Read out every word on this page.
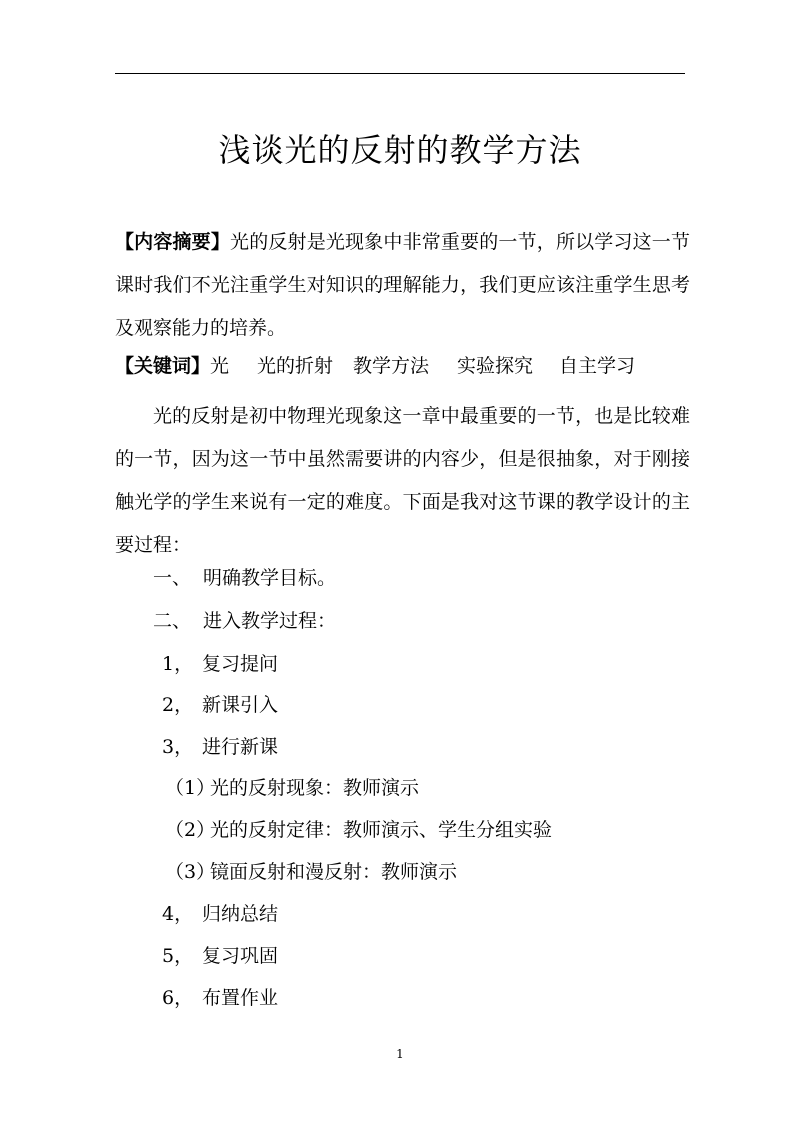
浅谈光的反射的教学方法

【内容摘要】光的反射是光现象中非常重要的一节，所以学习这一节课时我们不光注重学生对知识的理解能力，我们更应该注重学生思考及观察能力的培养。

【关键词】光 光的折射 教学方法 实验探究 自主学习

光的反射是初中物理光现象这一章中最重要的一节，也是比较难的一节，因为这一节中虽然需要讲的内容少，但是很抽象，对于刚接触光学的学生来说有一定的难度。下面是我对这节课的教学设计的主要过程：

一、 明确教学目标。
二、 进入教学过程：
1， 复习提问
2， 新课引入
3， 进行新课
（1）光的反射现象：教师演示
（2）光的反射定律：教师演示、学生分组实验
（3）镜面反射和漫反射：教师演示
4， 归纳总结
5， 复习巩固
6， 布置作业
1
